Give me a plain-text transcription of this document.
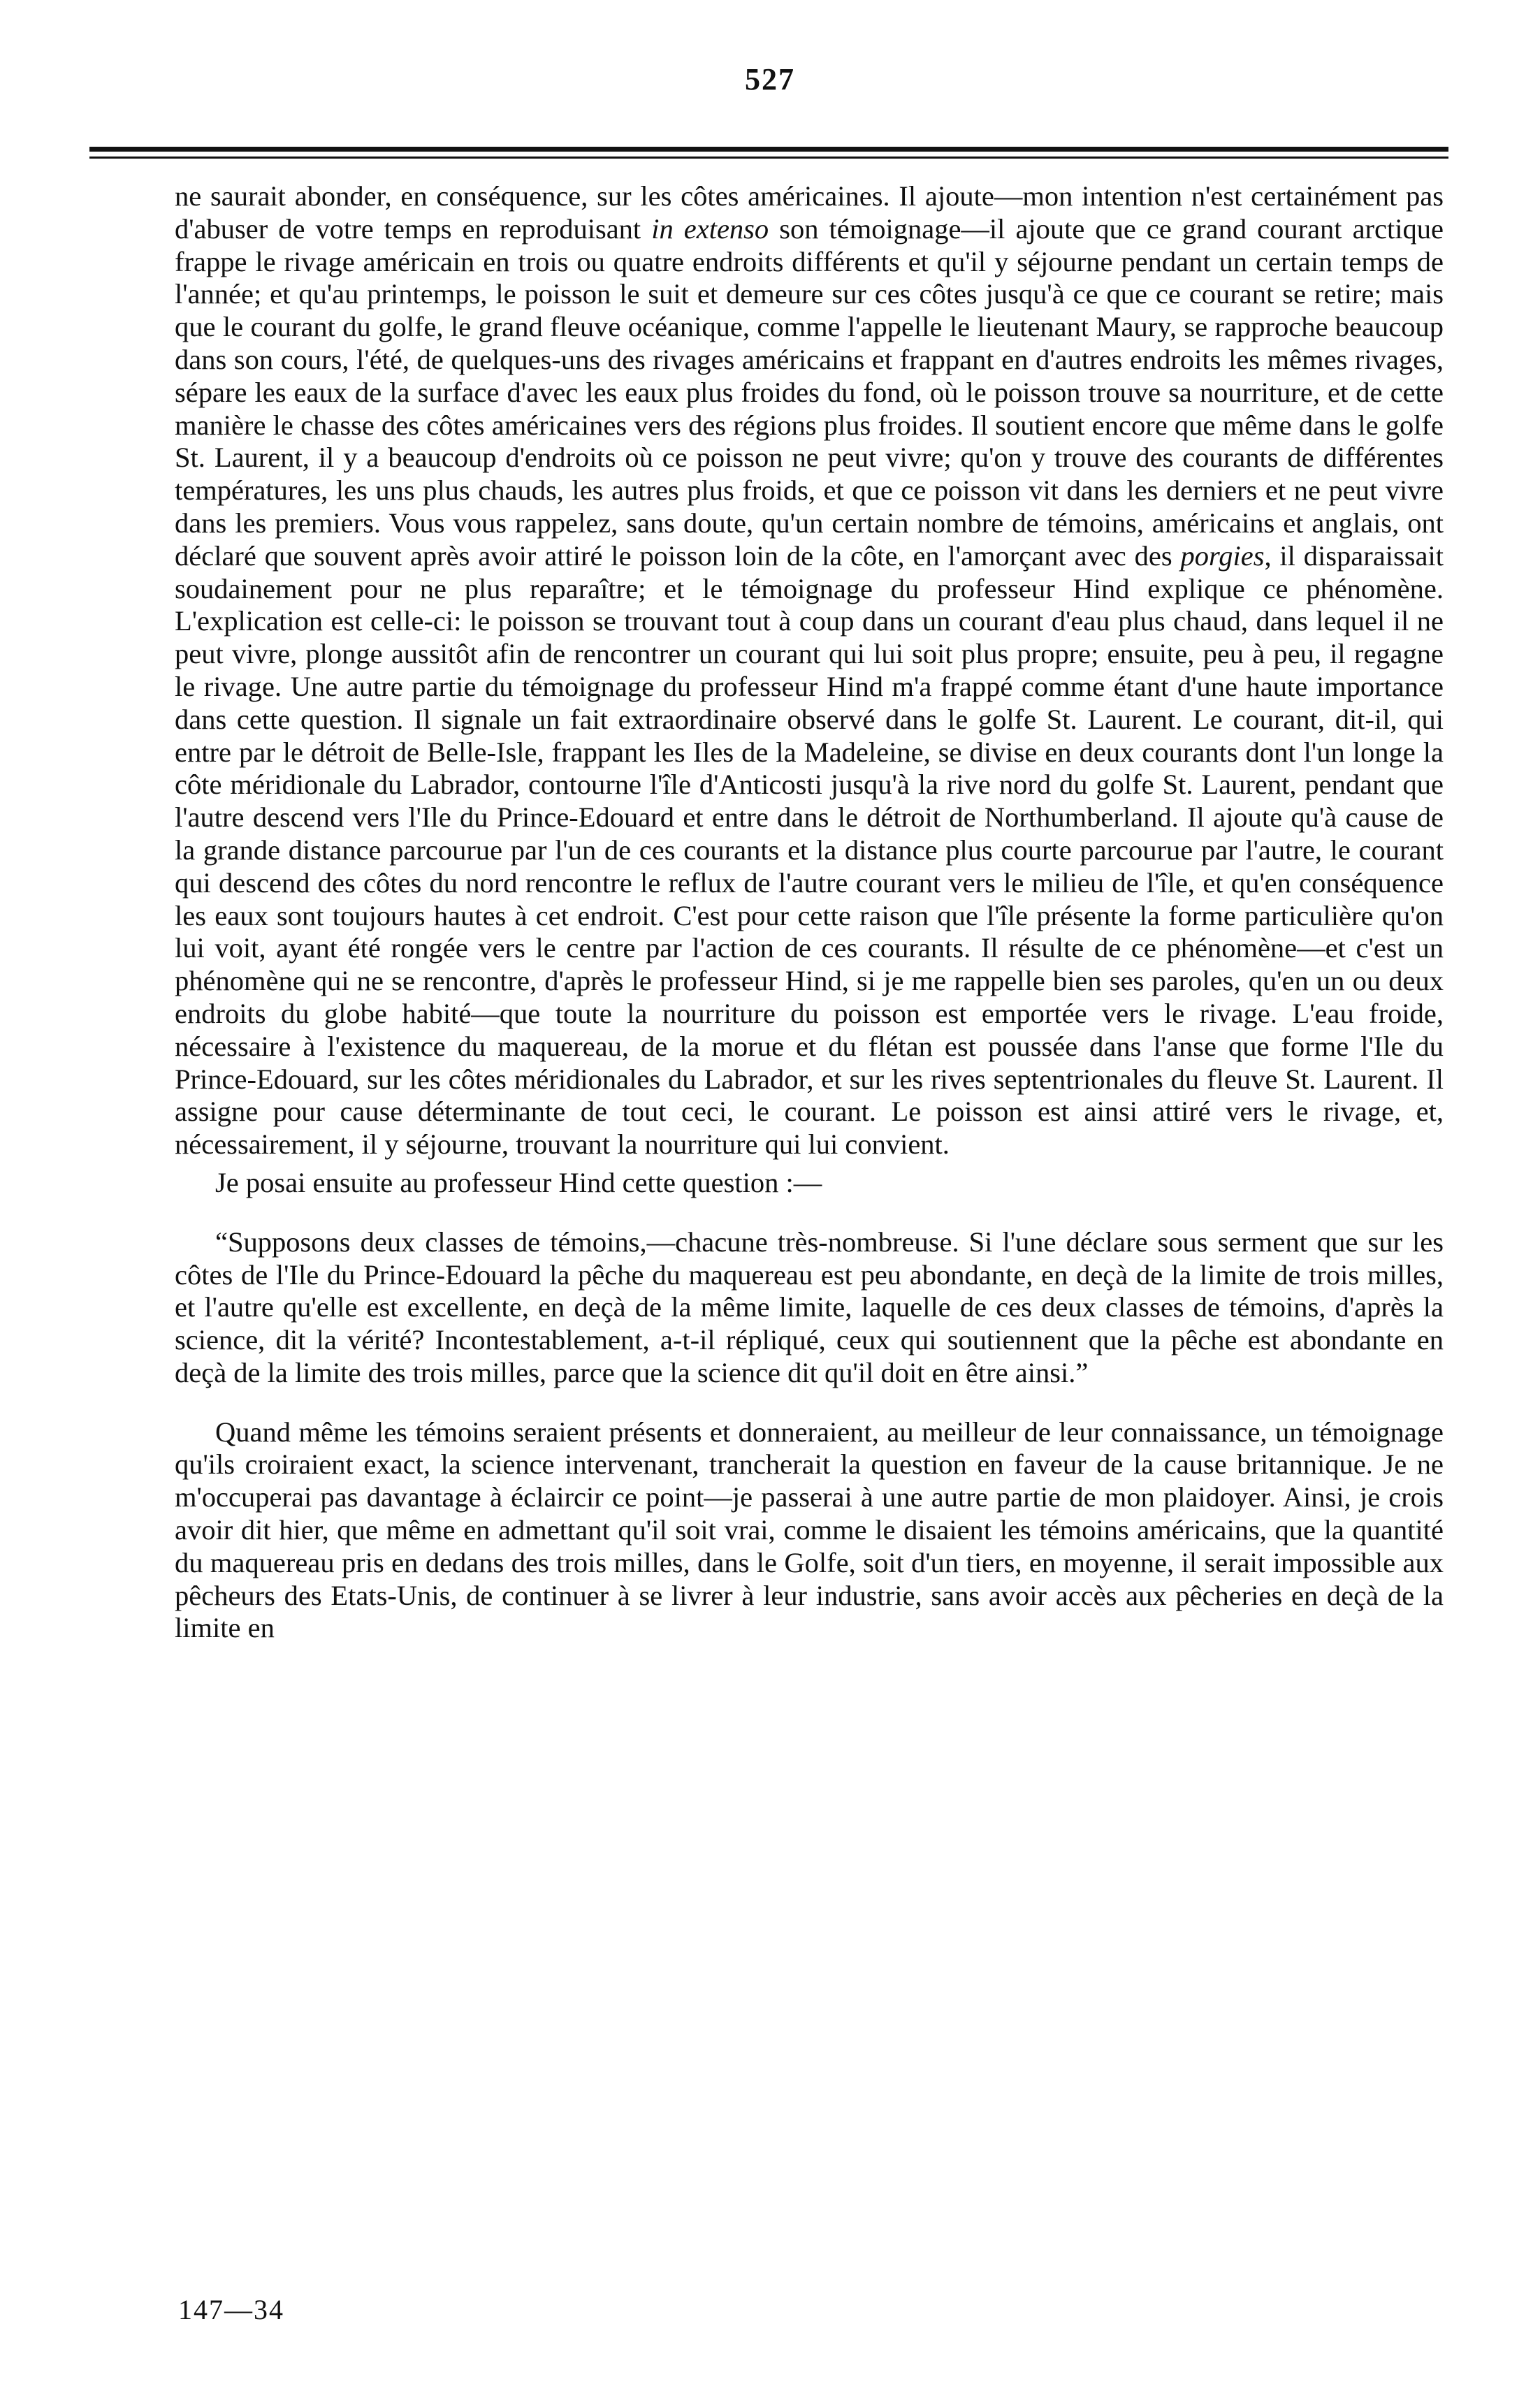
527

ne saurait abonder, en conséquence, sur les côtes américaines. Il ajoute—mon intention n'est certainément pas d'abuser de votre temps en reproduisant in extenso son témoignage—il ajoute que ce grand courant arctique frappe le rivage américain en trois ou quatre endroits différents et qu'il y séjourne pendant un certain temps de l'année; et qu'au printemps, le poisson le suit et demeure sur ces côtes jusqu'à ce que ce courant se retire; mais que le courant du golfe, le grand fleuve océanique, comme l'appelle le lieutenant Maury, se rapproche beaucoup dans son cours, l'été, de quelques-uns des rivages américains et frappant en d'autres endroits les mêmes rivages, sépare les eaux de la surface d'avec les eaux plus froides du fond, où le poisson trouve sa nourriture, et de cette manière le chasse des côtes américaines vers des régions plus froides. Il soutient encore que même dans le golfe St. Laurent, il y a beaucoup d'endroits où ce poisson ne peut vivre; qu'on y trouve des courants de différentes températures, les uns plus chauds, les autres plus froids, et que ce poisson vit dans les derniers et ne peut vivre dans les premiers. Vous vous rappelez, sans doute, qu'un certain nombre de témoins, américains et anglais, ont déclaré que souvent après avoir attiré le poisson loin de la côte, en l'amorçant avec des porgies, il disparaissait soudainement pour ne plus reparaître; et le témoignage du professeur Hind explique ce phénomène. L'explication est celle-ci: le poisson se trouvant tout à coup dans un courant d'eau plus chaud, dans lequel il ne peut vivre, plonge aussitôt afin de rencontrer un courant qui lui soit plus propre; ensuite, peu à peu, il regagne le rivage. Une autre partie du témoignage du professeur Hind m'a frappé comme étant d'une haute importance dans cette question. Il signale un fait extraordinaire observé dans le golfe St. Laurent. Le courant, dit-il, qui entre par le détroit de Belle-Isle, frappant les Iles de la Madeleine, se divise en deux courants dont l'un longe la côte méridionale du Labrador, contourne l'île d'Anticosti jusqu'à la rive nord du golfe St. Laurent, pendant que l'autre descend vers l'Ile du Prince-Edouard et entre dans le détroit de Northumberland. Il ajoute qu'à cause de la grande distance parcourue par l'un de ces courants et la distance plus courte parcourue par l'autre, le courant qui descend des côtes du nord rencontre le reflux de l'autre courant vers le milieu de l'île, et qu'en conséquence les eaux sont toujours hautes à cet endroit. C'est pour cette raison que l'île présente la forme particulière qu'on lui voit, ayant été rongée vers le centre par l'action de ces courants. Il résulte de ce phénomène—et c'est un phénomène qui ne se rencontre, d'après le professeur Hind, si je me rappelle bien ses paroles, qu'en un ou deux endroits du globe habité—que toute la nourriture du poisson est emportée vers le rivage. L'eau froide, nécessaire à l'existence du maquereau, de la morue et du flétan est poussée dans l'anse que forme l'Ile du Prince-Edouard, sur les côtes méridionales du Labrador, et sur les rives septentrionales du fleuve St. Laurent. Il assigne pour cause déterminante de tout ceci, le courant. Le poisson est ainsi attiré vers le rivage, et, nécessairement, il y séjourne, trouvant la nourriture qui lui convient.

Je posai ensuite au professeur Hind cette question :—

“Supposons deux classes de témoins,—chacune très-nombreuse. Si l'une déclare sous serment que sur les côtes de l'Ile du Prince-Edouard la pêche du maquereau est peu abondante, en deçà de la limite de trois milles, et l'autre qu'elle est excellente, en deçà de la même limite, laquelle de ces deux classes de témoins, d'après la science, dit la vérité? Incontestablement, a-t-il répliqué, ceux qui soutiennent que la pêche est abondante en deçà de la limite des trois milles, parce que la science dit qu'il doit en être ainsi.”

Quand même les témoins seraient présents et donneraient, au meilleur de leur connaissance, un témoignage qu'ils croiraient exact, la science intervenant, trancherait la question en faveur de la cause britannique. Je ne m'occuperai pas davantage à éclaircir ce point—je passerai à une autre partie de mon plaidoyer. Ainsi, je crois avoir dit hier, que même en admettant qu'il soit vrai, comme le disaient les témoins américains, que la quantité du maquereau pris en dedans des trois milles, dans le Golfe, soit d'un tiers, en moyenne, il serait impossible aux pêcheurs des Etats-Unis, de continuer à se livrer à leur industrie, sans avoir accès aux pêcheries en deçà de la limite en

147—34
